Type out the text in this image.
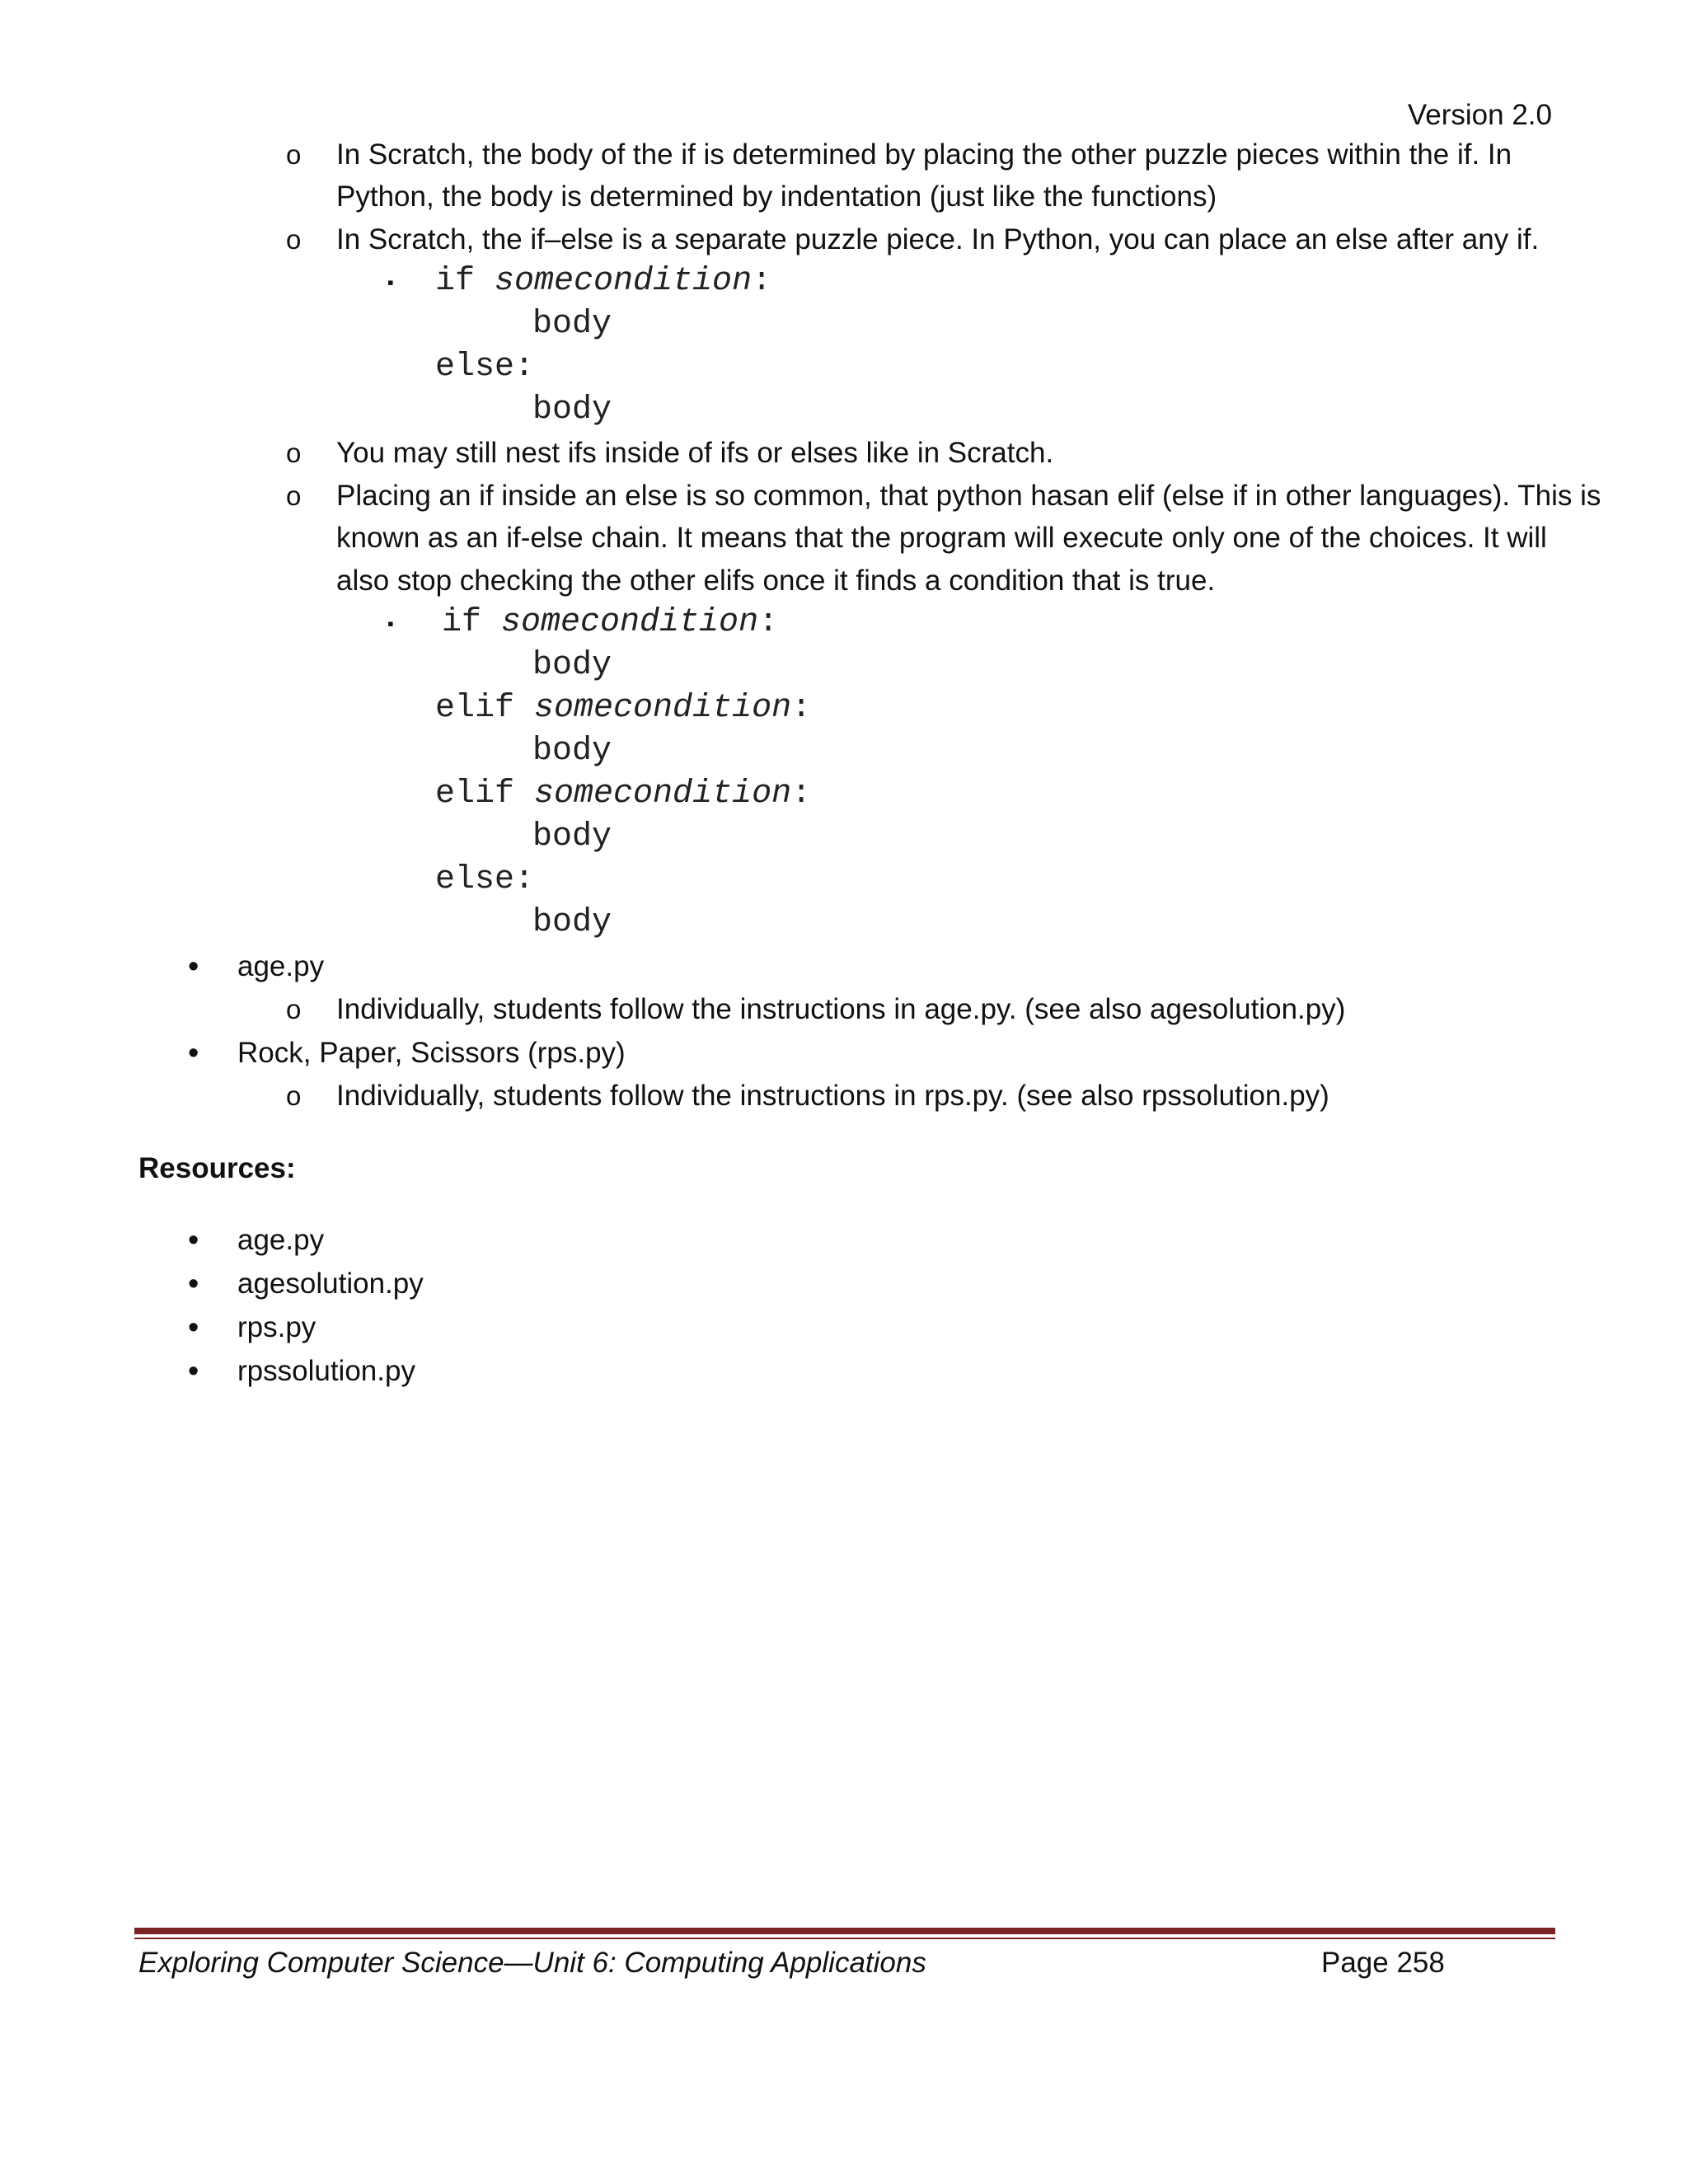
Version 2.0
o In Scratch, the body of the if is determined by placing the other puzzle pieces within the if. In
Python, the body is determined by indentation (just like the functions)
o In Scratch, the if–else is a separate puzzle piece. In Python, you can place an else after any if.
▪ if somecondition:
body
else:
body
o You may still nest ifs inside of ifs or elses like in Scratch.
o Placing an if inside an else is so common, that python hasan elif (else if in other languages). This is
known as an if-else chain. It means that the program will execute only one of the choices. It will
also stop checking the other elifs once it finds a condition that is true.
▪ if somecondition:
body
elif somecondition:
body
elif somecondition:
body
else:
body
• age.py
o Individually, students follow the instructions in age.py. (see also agesolution.py)
• Rock, Paper, Scissors (rps.py)
o Individually, students follow the instructions in rps.py. (see also rpssolution.py)
Resources:
• age.py
• agesolution.py
• rps.py
• rpssolution.py
Exploring Computer Science—Unit 6: Computing Applications	Page 258
